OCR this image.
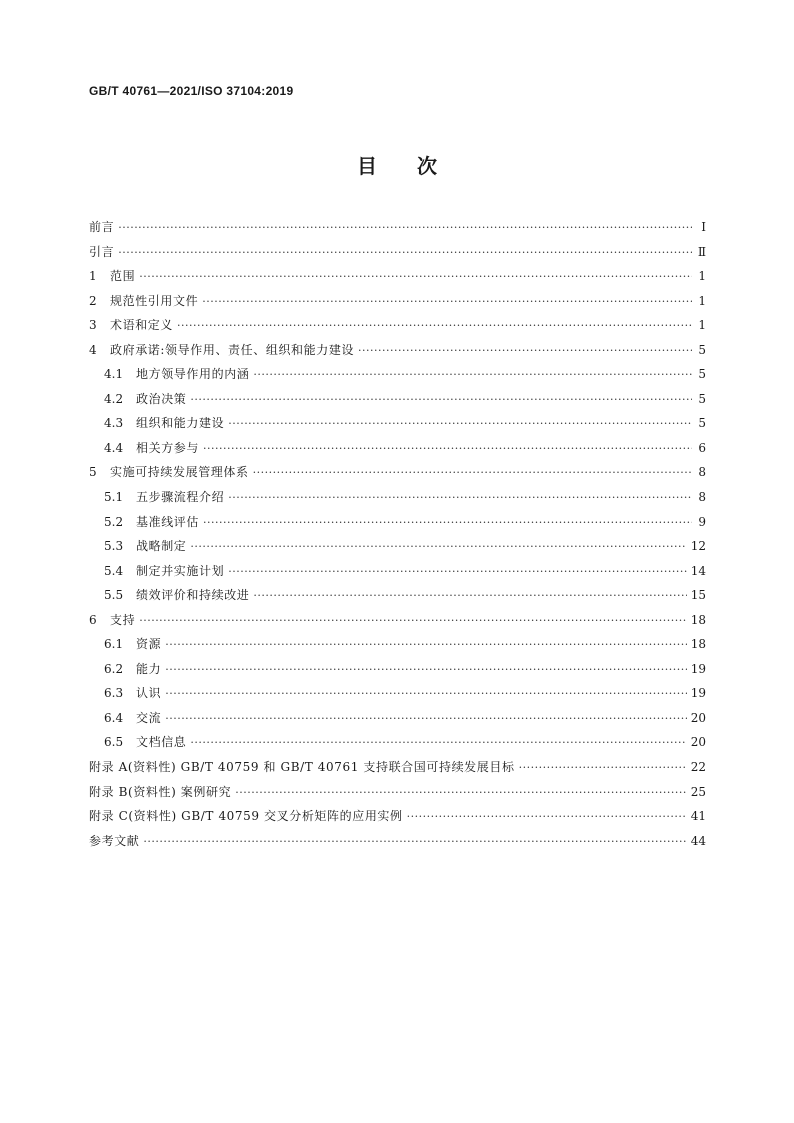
GB/T 40761—2021/ISO 37104:2019
目 次
前言 ·····	Ⅰ
引言 ·····	Ⅱ
1	范围 ·····	1
2	规范性引用文件 ·····	1
3	术语和定义 ·····	1
4	政府承诺:领导作用、责任、组织和能力建设 ·····	5
4.1	地方领导作用的内涵 ·····	5
4.2	政治决策 ·····	5
4.3	组织和能力建设 ·····	5
4.4	相关方参与 ·····	6
5	实施可持续发展管理体系 ·····	8
5.1	五步骤流程介绍 ·····	8
5.2	基准线评估 ·····	9
5.3	战略制定 ·····	12
5.4	制定并实施计划 ·····	14
5.5	绩效评价和持续改进 ·····	15
6	支持 ·····	18
6.1	资源 ·····	18
6.2	能力 ·····	19
6.3	认识 ·····	19
6.4	交流 ·····	20
6.5	文档信息 ·····	20
附录 A(资料性) GB/T 40759 和 GB/T 40761 支持联合国可持续发展目标 ·····	22
附录 B(资料性) 案例研究 ·····	25
附录 C(资料性) GB/T 40759 交叉分析矩阵的应用实例 ·····	41
参考文献 ·····	44
